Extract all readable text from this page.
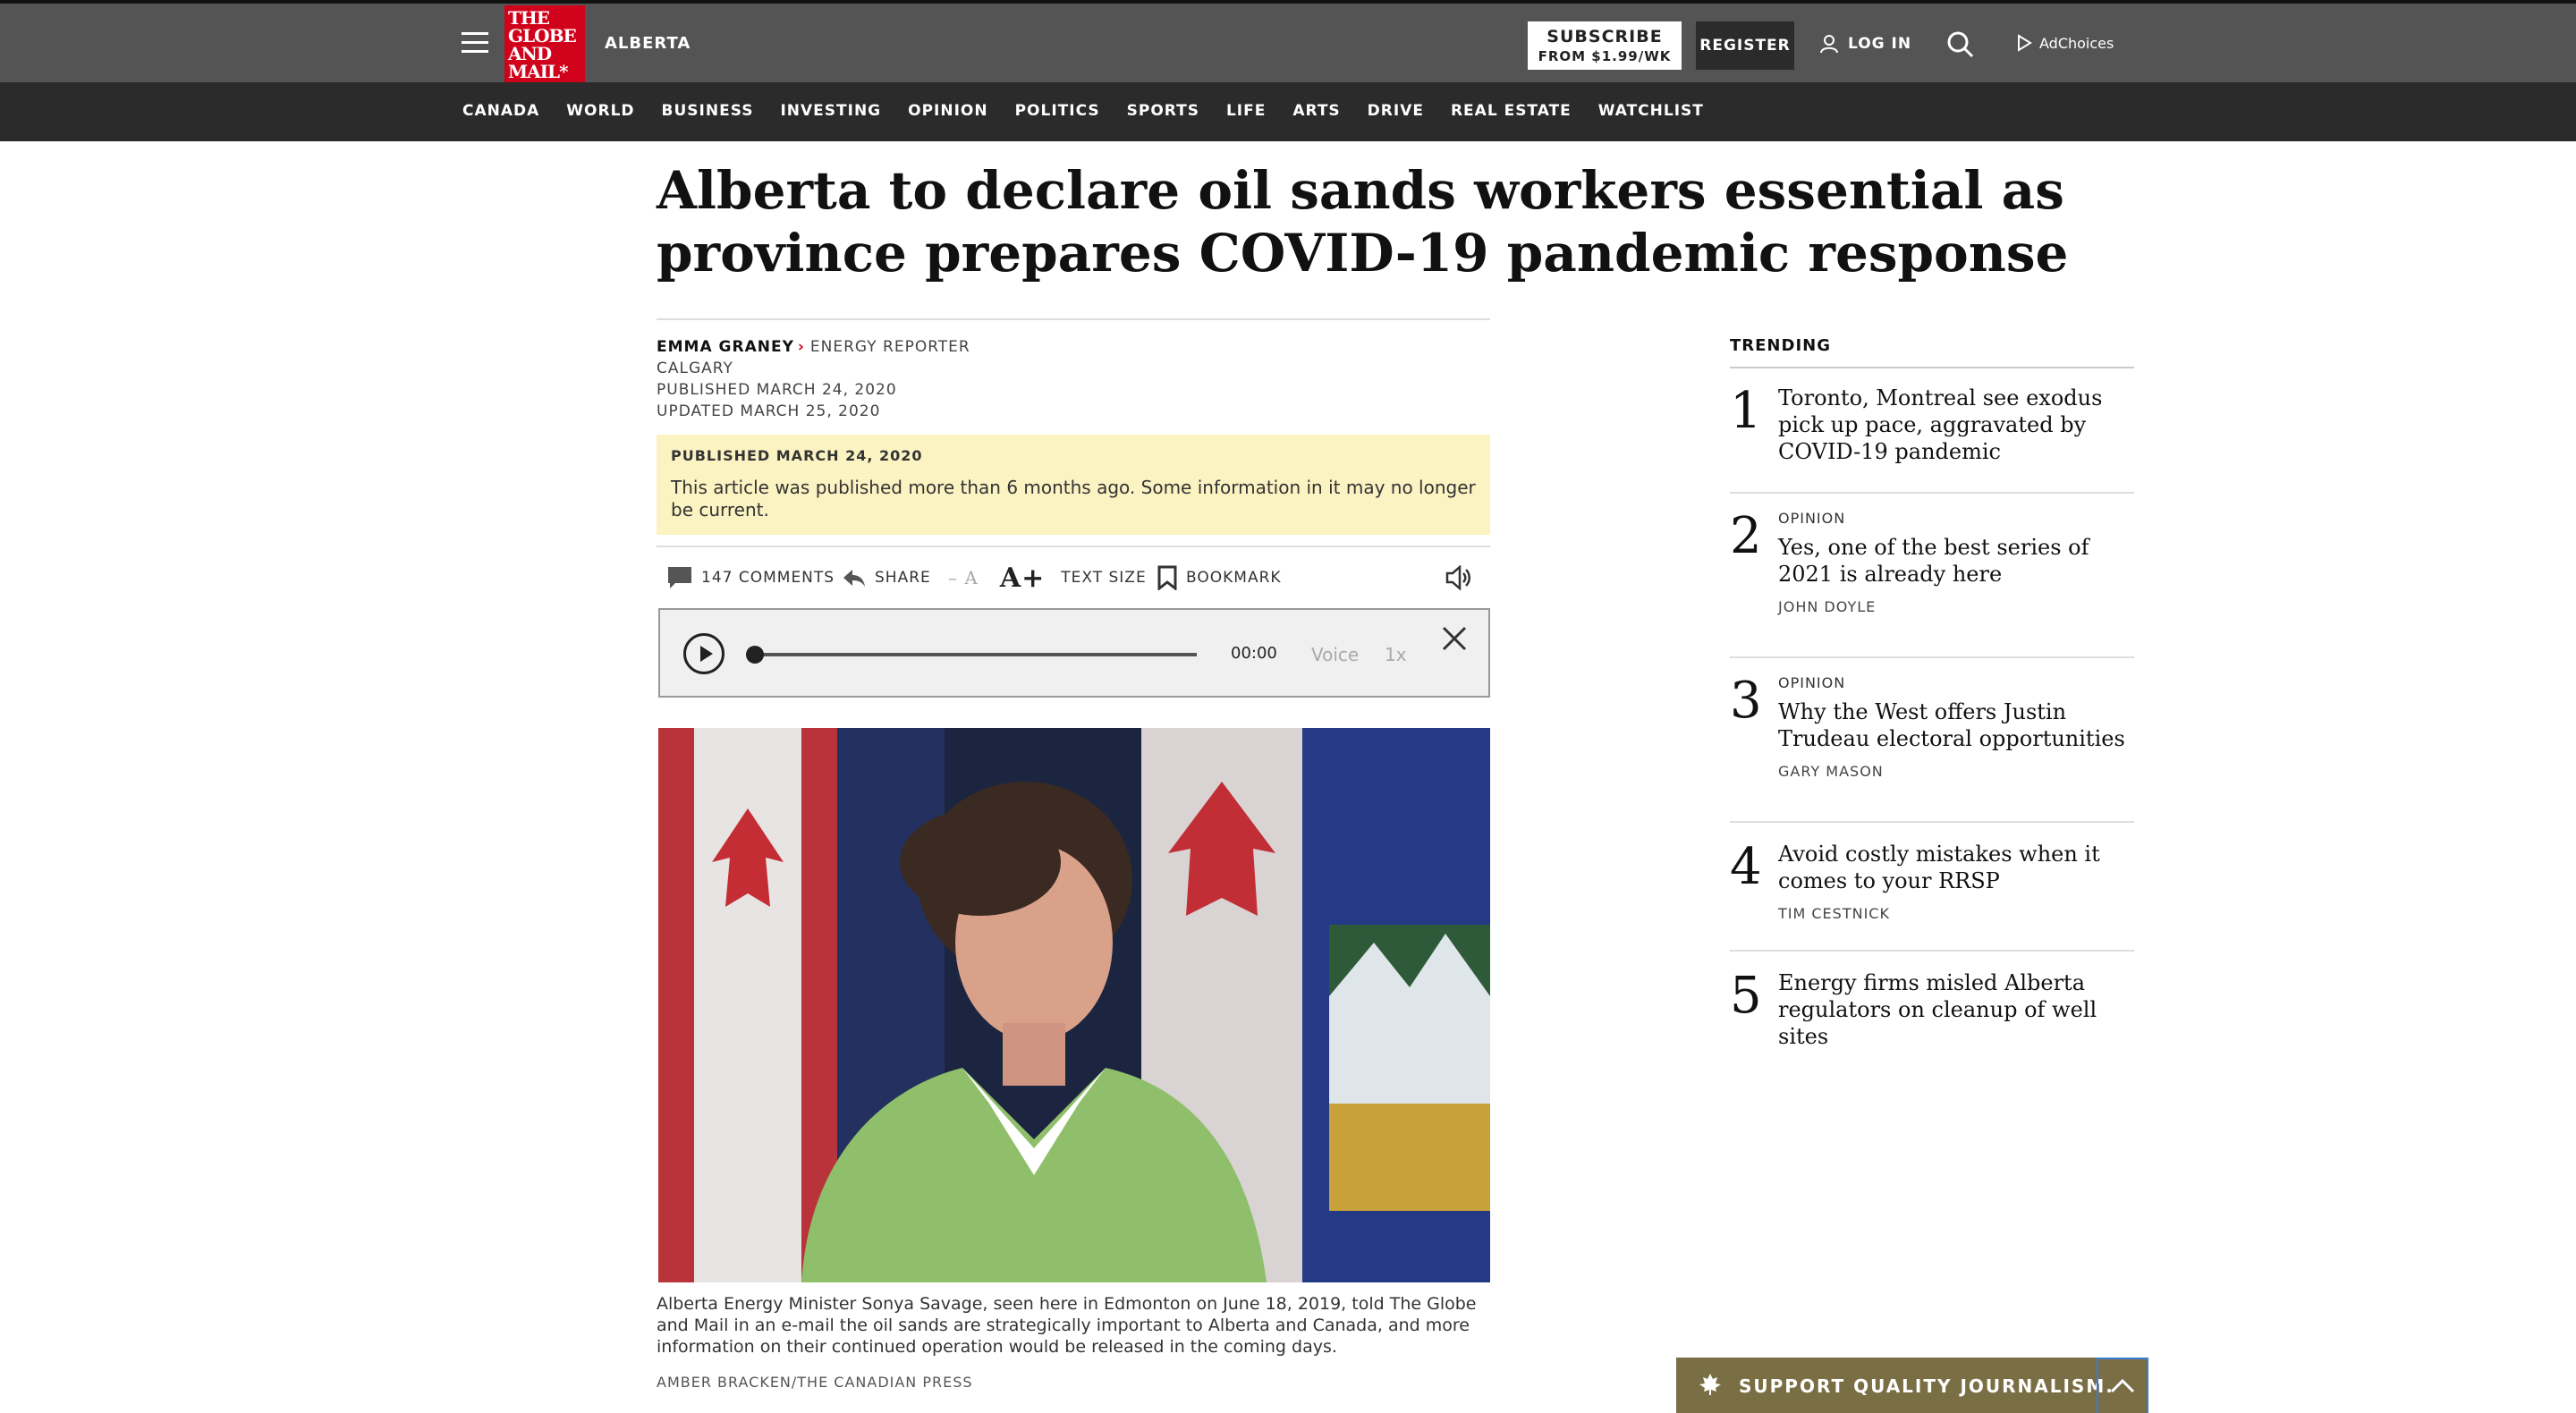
THE
GLOBE
AND
MAIL*
ALBERTA	SUBSCRIBE
FROM $1.99/WK
REGISTER	LOG IN	AdChoices
CANADA WORLD BUSINESS INVESTING OPINION POLITICS SPORTS LIFE ARTS DRIVE REAL ESTATE WATCHLIST
Alberta to declare oil sands workers essential as province prepares COVID-19 pandemic response
EMMA GRANEY › ENERGY REPORTER
CALGARY
PUBLISHED MARCH 24, 2020
UPDATED MARCH 25, 2020
PUBLISHED MARCH 24, 2020
This article was published more than 6 months ago. Some information in it may no longer be current.
147 COMMENTS	SHARE – A A+ TEXT SIZE	BOOKMARK
00:00 Voice 1x
Alberta Energy Minister Sonya Savage, seen here in Edmonton on June 18, 2019, told The Globe and Mail in an e-mail the oil sands are strategically important to Alberta and Canada, and more information on their continued operation would be released in the coming days.
AMBER BRACKEN/THE CANADIAN PRESS
TRENDING
1 Toronto, Montreal see exodus pick up pace, aggravated by COVID-19 pandemic
2 OPINION
Yes, one of the best series of 2021 is already here
JOHN DOYLE
3 OPINION
Why the West offers Justin Trudeau electoral opportunities
GARY MASON
4 Avoid costly mistakes when it comes to your RRSP
TIM CESTNICK
5 Energy firms misled Alberta regulators on cleanup of well sites
SUPPORT QUALITY JOURNALISM.
